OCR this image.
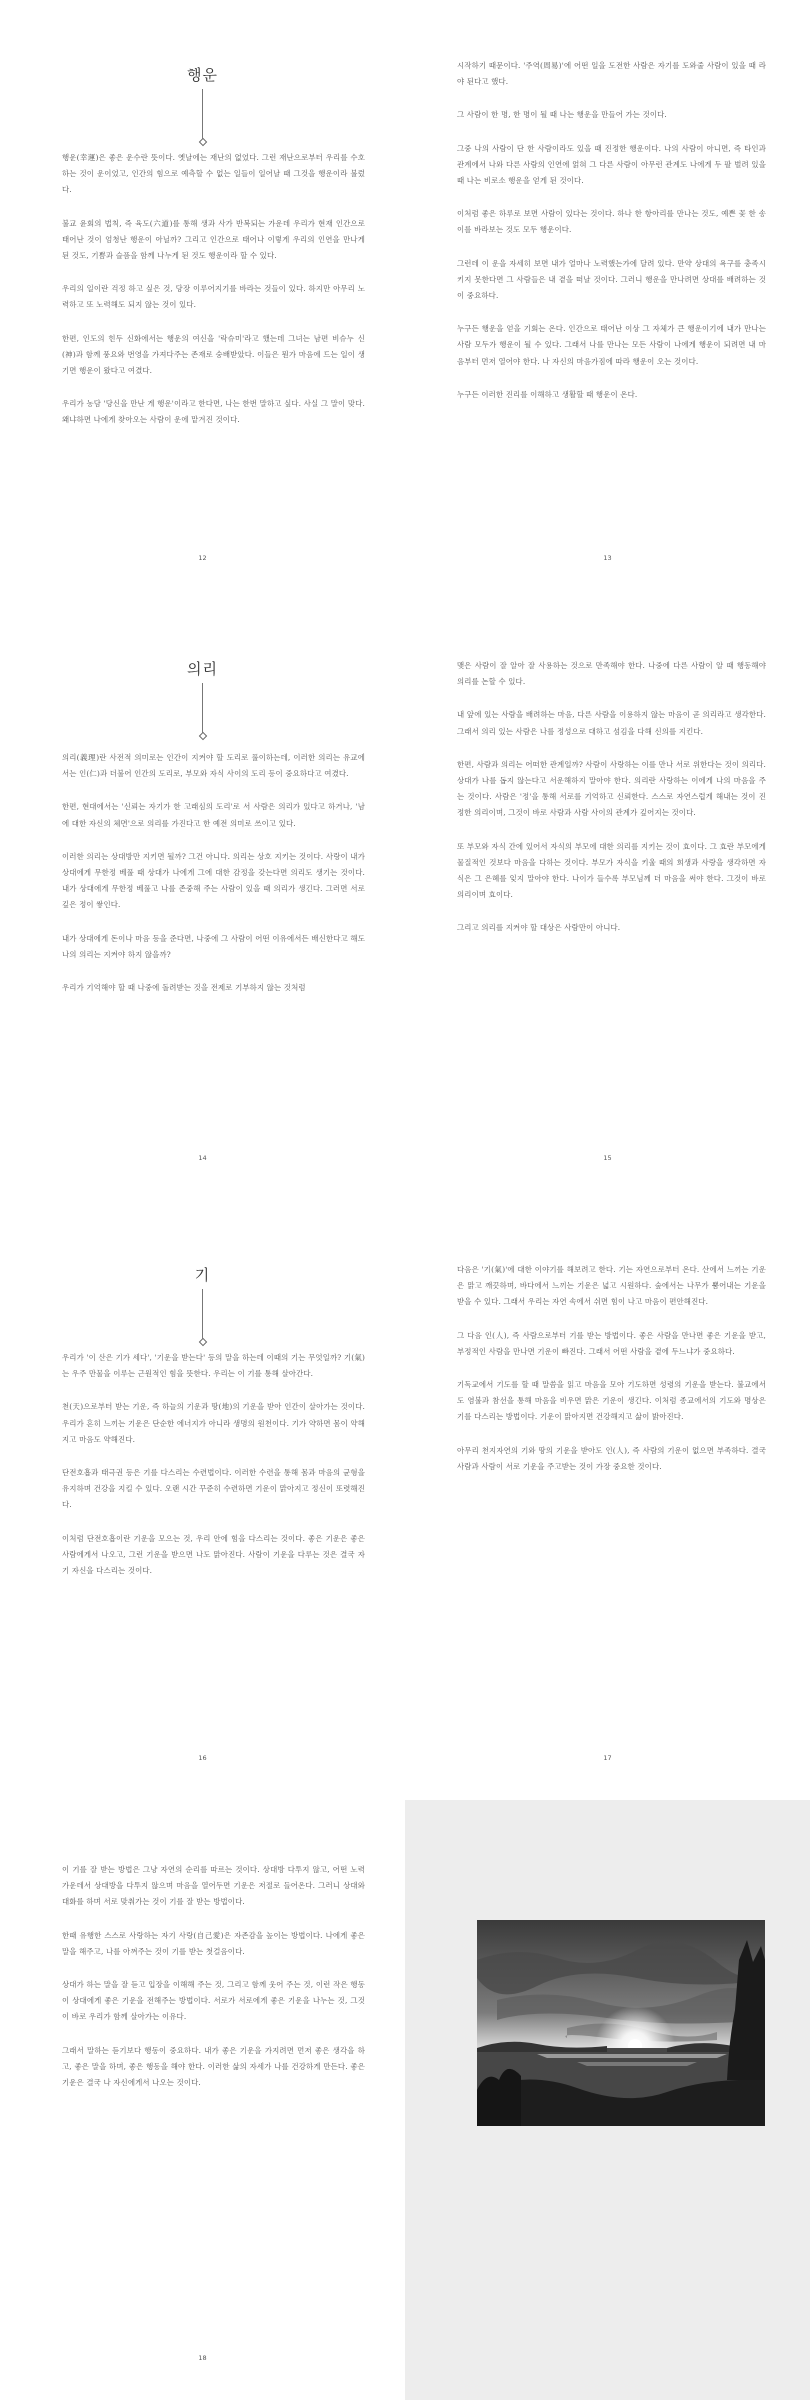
행운

행운(幸運)은 좋은 운수란 뜻이다. 옛날에는 재난의 없었다. 그런 재난으로부터 우리를 수호하는 것이 운이었고, 인간의 힘으로 예측할 수 없는 일들이 일어날 때 그것을 행운이라 불렀다.

불교 윤회의 법칙, 즉 육도(六道)를 통해 생과 사가 반복되는 가운데 우리가 현재 인간으로 태어난 것이 엄청난 행운이 아닐까? 그리고 인간으로 태어나 이렇게 우리의 인연을 만나게 된 것도, 기쁨과 슬픔을 함께 나누게 된 것도 행운이라 할 수 있다.

우리의 일이란 걱정 하고 싶은 것, 당장 이루어지기를 바라는 것들이 있다. 하지만 아무리 노력하고 또 노력해도 되지 않는 것이 있다.

한편, 인도의 힌두 신화에서는 행운의 여신을 '락슈미'라고 했는데 그녀는 남편 비슈누 신(神)과 함께 풍요와 번영을 가져다주는 존재로 숭배받았다. 이들은 뭔가 마음에 드는 일이 생기면 행운이 왔다고 여겼다.

우리가 농담 '당신을 만난 게 행운'이라고 한다면, 나는 한번 말하고 싶다. 사실 그 말이 맞다. 왜냐하면 나에게 찾아오는 사람이 운에 맡겨진 것이다.

12

시작하기 때문이다. '주역(周易)'에 어떤 일을 도전한 사람은 자기를 도와줄 사람이 있을 때 라야 된다고 했다.

그 사람이 한 명, 한 명이 될 때 나는 행운을 만들어 가는 것이다.

그중 나의 사람이 단 한 사람이라도 있을 때 진정한 행운이다. 나의 사람이 아니면, 즉 타인과 관계에서 나와 다른 사람의 인연에 얽혀 그 다른 사람이 아무런 관계도 나에게 두 팔 벌려 있을 때 나는 비로소 행운을 얻게 된 것이다.

이처럼 좋은 하루로 보면 사람이 있다는 것이다. 하나 한 항아리를 만나는 것도, 예쁜 꽃 한 송이를 바라보는 것도 모두 행운이다.

그런데 이 운을 자세히 보면 내가 얼마나 노력했는가에 달려 있다. 만약 상대의 욕구를 충족시키지 못한다면 그 사람들은 내 곁을 떠날 것이다. 그러니 행운을 만나려면 상대를 배려하는 것이 중요하다.

누구든 행운을 얻을 기회는 온다. 인간으로 태어난 이상 그 자체가 큰 행운이기에 내가 만나는 사람 모두가 행운이 될 수 있다. 그래서 나를 만나는 모든 사람이 나에게 행운이 되려면 내 마음부터 먼저 열어야 한다. 나 자신의 마음가짐에 따라 행운이 오는 것이다.

누구든 이러한 진리를 이해하고 생활할 때 행운이 온다.

13
의리

의리(義理)란 사전적 의미로는 인간이 지켜야 할 도리로 풀이하는데, 이러한 의리는 유교에서는 인(仁)과 더불어 인간의 도리로, 부모와 자식 사이의 도리 등이 중요하다고 여겼다.

한편, 현대에서는 '신뢰는 자기가 한 고래심의 도리'로 서 사람은 의리가 있다고 하거나, '남에 대한 자신의 체면'으로 의리를 가진다고 한 예전 의미로 쓰이고 있다.

이러한 의리는 상대방만 지키면 될까? 그건 아니다. 의리는 상호 지키는 것이다. 사랑이 내가 상대에게 무한정 베풀 때 상대가 나에게 그에 대한 감정을 갖는다면 의리도 생기는 것이다. 내가 상대에게 무한정 베풀고 나를 존중해 주는 사람이 있을 때 의리가 생긴다. 그러면 서로 깊은 정이 쌓인다.

내가 상대에게 돈이나 마음 등을 준다면, 나중에 그 사람이 어떤 이유에서든 배신한다고 해도 나의 의리는 지켜야 하지 않을까?

우리가 기억해야 할 때 나중에 돌려받는 것을 전제로 기부하지 않는 것처럼

14

맺은 사람이 잘 알아 잘 사용하는 것으로 만족해야 한다. 나중에 다른 사람이 알 때 행동해야 의리를 논할 수 있다.

내 앞에 있는 사람을 배려하는 마음, 다른 사람을 이용하지 않는 마음이 곧 의리라고 생각한다. 그래서 의리 있는 사람은 나를 정성으로 대하고 섬김을 다해 신의를 지킨다.

한편, 사람과 의리는 어떠한 관계일까? 사람이 사랑하는 이를 만나 서로 위한다는 것이 의리다. 상대가 나를 돕지 않는다고 서운해하지 말아야 한다. 의리란 사랑하는 이에게 나의 마음을 주는 것이다. 사람은 '정'을 통해 서로를 기억하고 신뢰한다. 스스로 자연스럽게 해내는 것이 진정한 의리이며, 그것이 바로 사람과 사람 사이의 관계가 깊어지는 것이다.

또 부모와 자식 간에 있어서 자식의 부모에 대한 의리를 지키는 것이 효이다. 그 효란 부모에게 물질적인 것보다 마음을 다하는 것이다. 부모가 자식을 키울 때의 희생과 사랑을 생각하면 자식은 그 은혜를 잊지 말아야 한다. 나이가 들수록 부모님께 더 마음을 써야 한다. 그것이 바로 의리이며 효이다.

그리고 의리를 지켜야 할 대상은 사람만이 아니다.

15
기

우리가 '이 산은 기가 세다', '기운을 받는다' 등의 말을 하는데 이때의 기는 무엇일까? 기(氣)는 우주 만물을 이루는 근원적인 힘을 뜻한다. 우리는 이 기를 통해 살아간다.

천(天)으로부터 받는 기운, 즉 하늘의 기운과 땅(地)의 기운을 받아 인간이 살아가는 것이다. 우리가 흔히 느끼는 기운은 단순한 에너지가 아니라 생명의 원천이다. 기가 약하면 몸이 약해지고 마음도 약해진다.

단전호흡과 태극권 등은 기를 다스리는 수련법이다. 이러한 수련을 통해 몸과 마음의 균형을 유지하며 건강을 지킬 수 있다. 오랜 시간 꾸준히 수련하면 기운이 맑아지고 정신이 또렷해진다.

이처럼 단전호흡이란 기운을 모으는 것, 우리 안에 힘을 다스리는 것이다. 좋은 기운은 좋은 사람에게서 나오고, 그런 기운을 받으면 나도 맑아진다. 사람이 기운을 다루는 것은 결국 자기 자신을 다스리는 것이다.

16

다음은 '기(氣)'에 대한 이야기를 해보려고 한다. 기는 자연으로부터 온다. 산에서 느끼는 기운은 맑고 깨끗하며, 바다에서 느끼는 기운은 넓고 시원하다. 숲에서는 나무가 뿜어내는 기운을 받을 수 있다. 그래서 우리는 자연 속에서 쉬면 힘이 나고 마음이 편안해진다.

그 다음 인(人), 즉 사람으로부터 기를 받는 방법이다. 좋은 사람을 만나면 좋은 기운을 받고, 부정적인 사람을 만나면 기운이 빠진다. 그래서 어떤 사람을 곁에 두느냐가 중요하다.

기독교에서 기도를 할 때 말씀을 읽고 마음을 모아 기도하면 성령의 기운을 받는다. 불교에서도 염불과 참선을 통해 마음을 비우면 맑은 기운이 생긴다. 이처럼 종교에서의 기도와 명상은 기를 다스리는 방법이다. 기운이 맑아지면 건강해지고 삶이 밝아진다.

아무리 천지자연의 기와 땅의 기운을 받아도 인(人), 즉 사람의 기운이 없으면 부족하다. 결국 사람과 사람이 서로 기운을 주고받는 것이 가장 중요한 것이다.

17

이 기를 잘 받는 방법은 그냥 자연의 순리를 따르는 것이다. 상대방 다투지 않고, 어떤 노력 가운데서 상대방을 다투지 않으며 마음을 열어두면 기운은 저절로 들어온다. 그러니 상대와 대화를 하며 서로 맞춰가는 것이 기를 잘 받는 방법이다.

한때 유행한 스스로 사랑하는 자기 사랑(自己愛)은 자존감을 높이는 방법이다. 나에게 좋은 말을 해주고, 나를 아껴주는 것이 기를 받는 첫걸음이다.

상대가 하는 말을 잘 듣고 입장을 이해해 주는 것, 그리고 함께 웃어 주는 것, 이런 작은 행동이 상대에게 좋은 기운을 전해주는 방법이다. 서로가 서로에게 좋은 기운을 나누는 것, 그것이 바로 우리가 함께 살아가는 이유다.

그래서 말하는 듣기보다 행동이 중요하다. 내가 좋은 기운을 가지려면 먼저 좋은 생각을 하고, 좋은 말을 하며, 좋은 행동을 해야 한다. 이러한 삶의 자세가 나를 건강하게 만든다. 좋은 기운은 결국 나 자신에게서 나오는 것이다.

18
